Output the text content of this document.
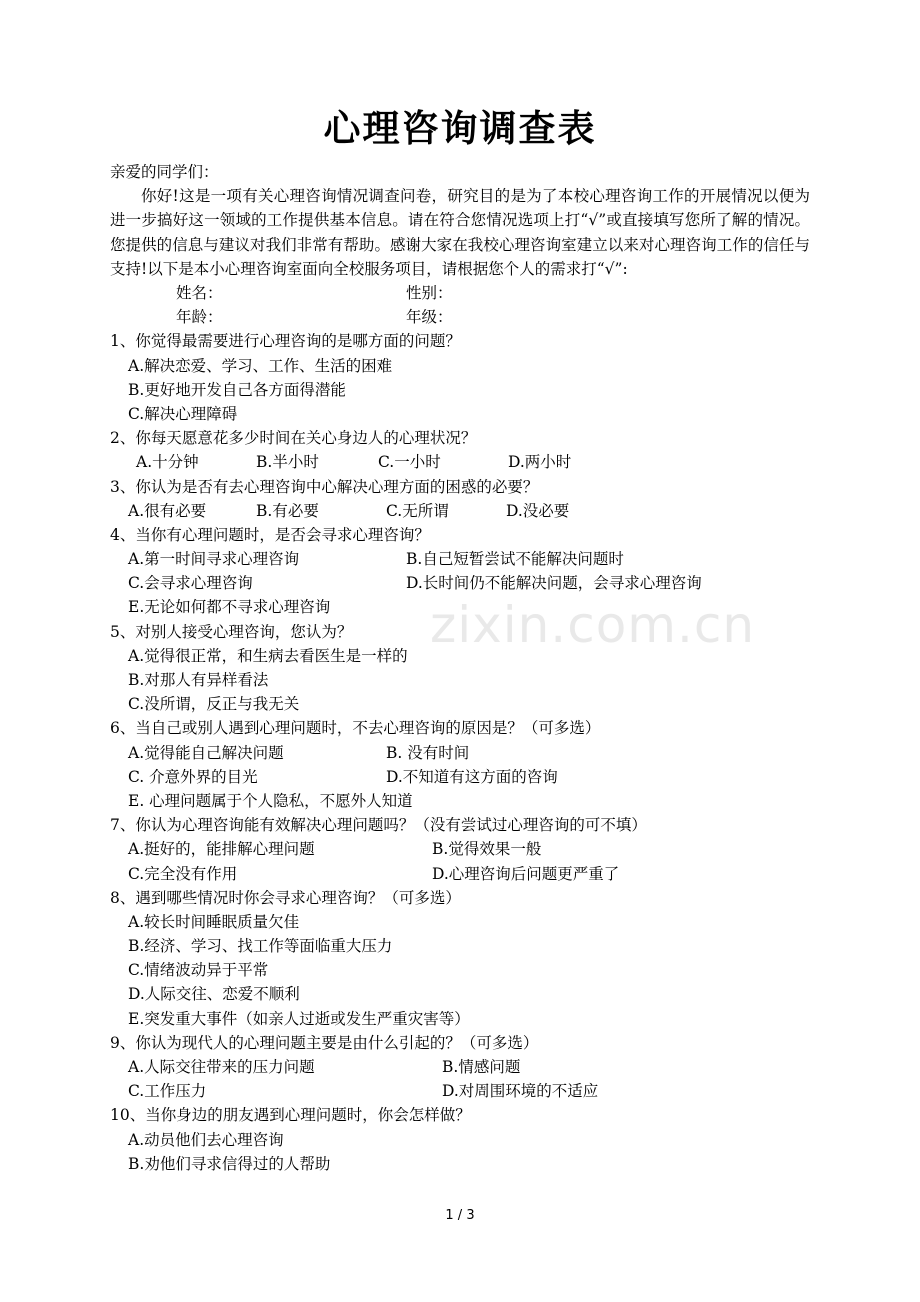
心理咨询调查表
zixin.com.cn
亲爱的同学们：
你好!这是一项有关心理咨询情况调查问卷，研究目的是为了本校心理咨询工作的开展情况以便为进一步搞好这一领域的工作提供基本信息。请在符合您情况选项上打“√”或直接填写您所了解的情况。您提供的信息与建议对我们非常有帮助。感谢大家在我校心理咨询室建立以来对心理咨询工作的信任与支持!以下是本小心理咨询室面向全校服务项目，请根据您个人的需求打“√”:
姓名：	性别：
年龄：	年级：
1、你觉得最需要进行心理咨询的是哪方面的问题？
A.解决恋爱、学习、工作、生活的困难
B.更好地开发自己各方面得潜能
C.解决心理障碍
2、你每天愿意花多少时间在关心身边人的心理状况？
A.十分钟	B.半小时	C.一小时	D.两小时
3、你认为是否有去心理咨询中心解决心理方面的困惑的必要？
A.很有必要	B.有必要	C.无所谓	D.没必要
4、当你有心理问题时，是否会寻求心理咨询？
A.第一时间寻求心理咨询	B.自己短暂尝试不能解决问题时
C.会寻求心理咨询	D.长时间仍不能解决问题，会寻求心理咨询
E.无论如何都不寻求心理咨询
5、对别人接受心理咨询，您认为？
A.觉得很正常，和生病去看医生是一样的
B.对那人有异样看法
C.没所谓，反正与我无关
6、当自己或别人遇到心理问题时，不去心理咨询的原因是？（可多选）
A.觉得能自己解决问题	B. 没有时间
C. 介意外界的目光	D.不知道有这方面的咨询
E. 心理问题属于个人隐私，不愿外人知道
7、你认为心理咨询能有效解决心理问题吗？（没有尝试过心理咨询的可不填）
A.挺好的，能排解心理问题	B.觉得效果一般
C.完全没有作用	D.心理咨询后问题更严重了
8、遇到哪些情况时你会寻求心理咨询？（可多选）
A.较长时间睡眠质量欠佳
B.经济、学习、找工作等面临重大压力
C.情绪波动异于平常
D.人际交往、恋爱不顺利
E.突发重大事件（如亲人过逝或发生严重灾害等）
9、你认为现代人的心理问题主要是由什么引起的？（可多选）
A.人际交往带来的压力问题	B.情感问题
C.工作压力	D.对周围环境的不适应
10、当你身边的朋友遇到心理问题时，你会怎样做？
A.动员他们去心理咨询
B.劝他们寻求信得过的人帮助
1 / 3
